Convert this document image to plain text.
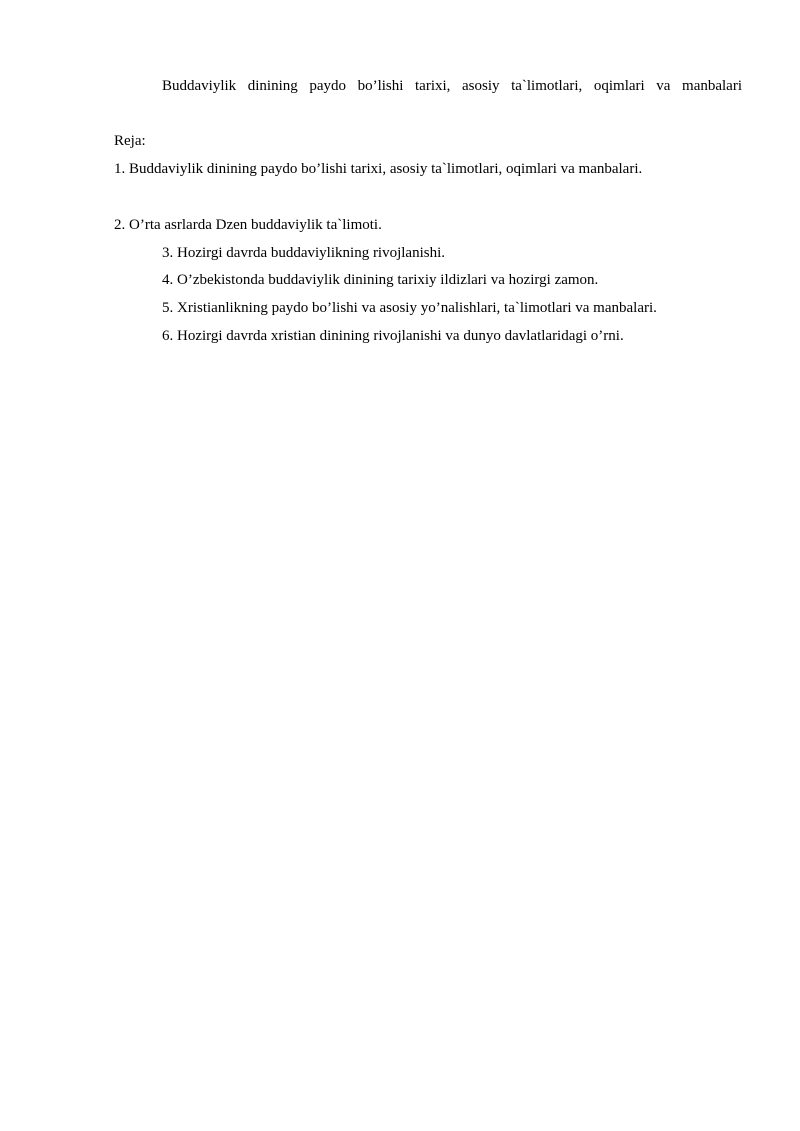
Buddaviylik dinining paydo bo’lishi tarixi, asosiy ta`limotlari, oqimlari va manbalari
Reja:
1. Buddaviylik dinining paydo bo’lishi tarixi, asosiy ta`limotlari, oqimlari va manbalari.
2. O’rta asrlarda Dzen buddaviylik ta`limoti.
3. Hozirgi davrda buddaviylikning rivojlanishi.
4. O’zbekistonda buddaviylik dinining tarixiy ildizlari va hozirgi zamon.
5. Xristianlikning paydo bo’lishi va asosiy yo’nalishlari, ta`limotlari va manbalari.
6. Hozirgi davrda xristian dinining rivojlanishi va dunyo davlatlaridagi o’rni.
